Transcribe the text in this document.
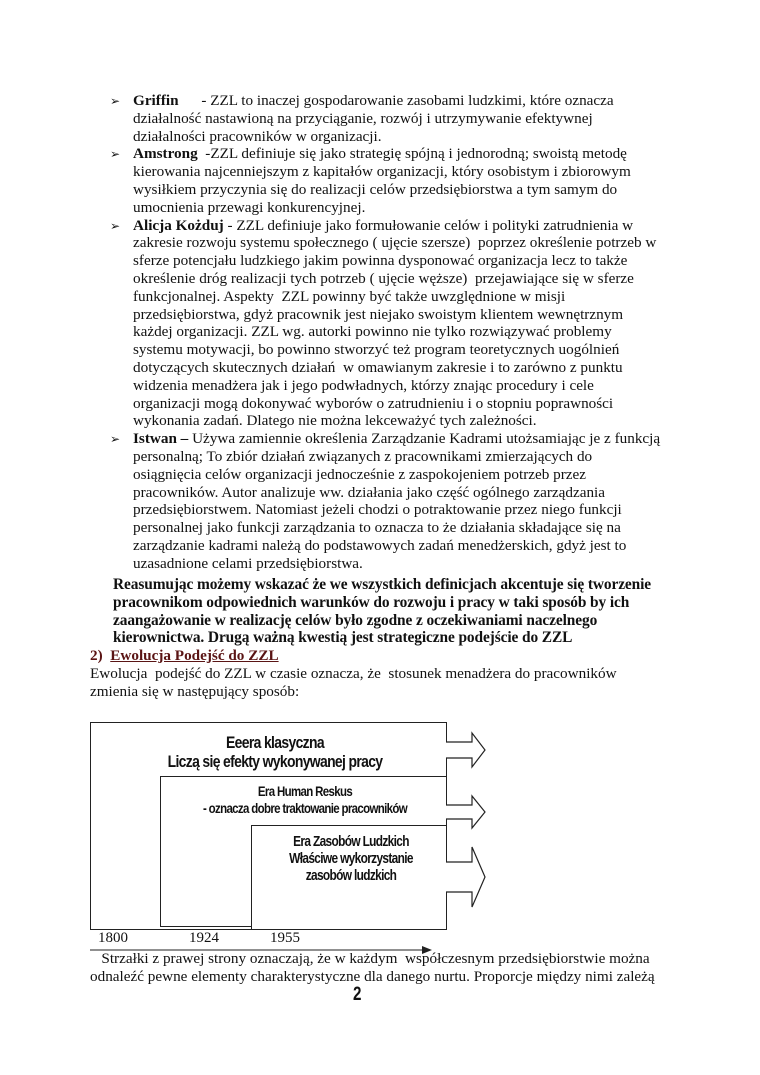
➢ Griffin      - ZZL to inaczej gospodarowanie zasobami ludzkimi, które oznacza
działalność nastawioną na przyciąganie, rozwój i utrzymywanie efektywnej
działalności pracowników w organizacji.
➢ Amstrong  -ZZL definiuje się jako strategię spójną i jednorodną; swoistą metodę
kierowania najcenniejszym z kapitałów organizacji, który osobistym i zbiorowym
wysiłkiem przyczynia się do realizacji celów przedsiębiorstwa a tym samym do
umocnienia przewagi konkurencyjnej.
➢ Alicja Kożduj - ZZL definiuje jako formułowanie celów i polityki zatrudnienia w
zakresie rozwoju systemu społecznego ( ujęcie szersze)  poprzez określenie potrzeb w
sferze potencjału ludzkiego jakim powinna dysponować organizacja lecz to także
określenie dróg realizacji tych potrzeb ( ujęcie węższe)  przejawiające się w sferze
funkcjonalnej. Aspekty  ZZL powinny być także uwzględnione w misji
przedsiębiorstwa, gdyż pracownik jest niejako swoistym klientem wewnętrznym
każdej organizacji. ZZL wg. autorki powinno nie tylko rozwiązywać problemy
systemu motywacji, bo powinno stworzyć też program teoretycznych uogólnień
dotyczących skutecznych działań  w omawianym zakresie i to zarówno z punktu
widzenia menadżera jak i jego podwładnych, którzy znając procedury i cele
organizacji mogą dokonywać wyborów o zatrudnieniu i o stopniu poprawności
wykonania zadań. Dlatego nie można lekceważyć tych zależności.
➢ Istwan – Używa zamiennie określenia Zarządzanie Kadrami utożsamiając je z funkcją
personalną; To zbiór działań związanych z pracownikami zmierzających do
osiągnięcia celów organizacji jednocześnie z zaspokojeniem potrzeb przez
pracowników. Autor analizuje ww. działania jako część ogólnego zarządzania
przedsiębiorstwem. Natomiast jeżeli chodzi o potraktowanie przez niego funkcji
personalnej jako funkcji zarządzania to oznacza to że działania składające się na
zarządzanie kadrami należą do podstawowych zadań menedżerskich, gdyż jest to
uzasadnione celami przedsiębiorstwa.
Reasumując możemy wskazać że we wszystkich definicjach akcentuje się tworzenie
pracownikom odpowiednich warunków do rozwoju i pracy w taki sposób by ich
zaangażowanie w realizację celów było zgodne z oczekiwaniami naczelnego
kierownictwa. Drugą ważną kwestią jest strategiczne podejście do ZZL
2) Ewolucja Podejść do ZZL
Ewolucja  podejść do ZZL w czasie oznacza, że  stosunek menadżera do pracowników
zmienia się w następujący sposób:
Eeera klasyczna
Liczą się efekty wykonywanej pracy
Era Human Reskus
- oznacza dobre traktowanie pracowników
Era Zasobów Ludzkich
Właściwe wykorzystanie
zasobów ludzkich
1800	1924	1955
Strzałki z prawej strony oznaczają, że w każdym  współczesnym przedsiębiorstwie można
odnaleźć pewne elementy charakterystyczne dla danego nurtu. Proporcje między nimi zależą
2
